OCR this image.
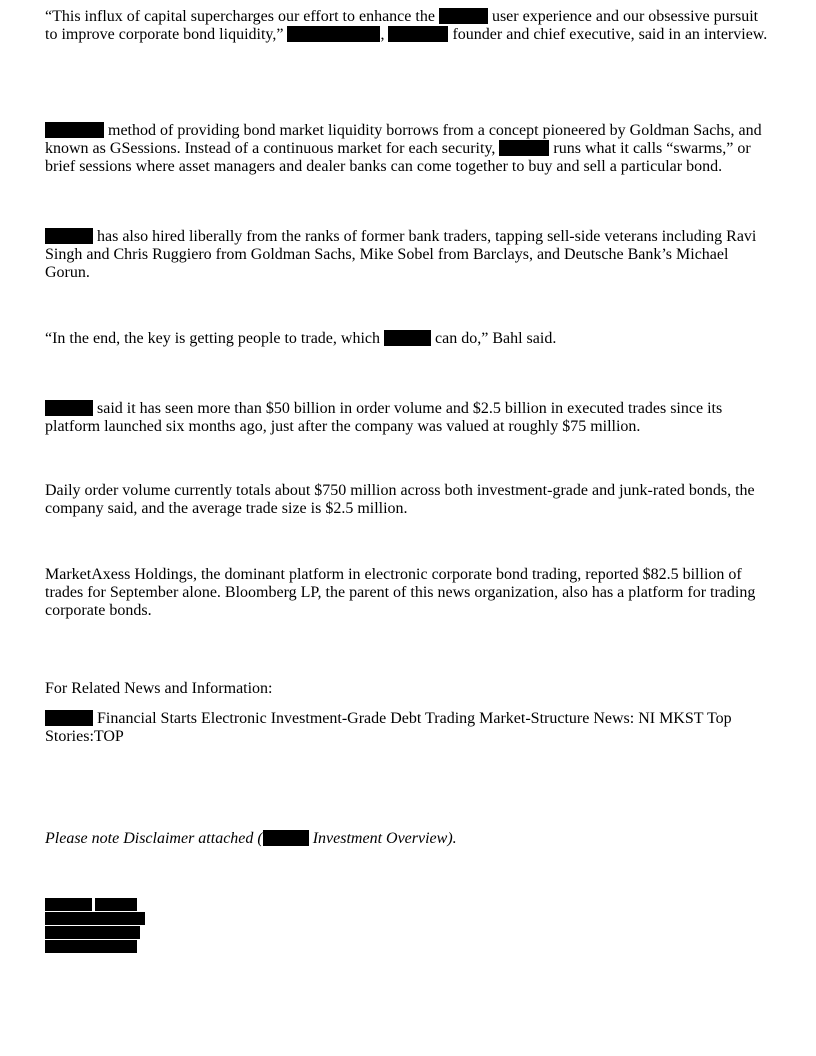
“This influx of capital supercharges our effort to enhance the	user experience and our obsessive pursuit
to improve corporate bond liquidity,”	,	founder and chief executive, said in an interview.
method of providing bond market liquidity borrows from a concept pioneered by Goldman Sachs, and
known as GSessions. Instead of a continuous market for each security,	runs what it calls “swarms,” or
brief sessions where asset managers and dealer banks can come together to buy and sell a particular bond.
has also hired liberally from the ranks of former bank traders, tapping sell-side veterans including Ravi
Singh and Chris Ruggiero from Goldman Sachs, Mike Sobel from Barclays, and Deutsche Bank’s Michael
Gorun.
“In the end, the key is getting people to trade, which	can do,” Bahl said.
said it has seen more than $50 billion in order volume and $2.5 billion in executed trades since its
platform launched six months ago, just after the company was valued at roughly $75 million.
Daily order volume currently totals about $750 million across both investment-grade and junk-rated bonds, the
company said, and the average trade size is $2.5 million.
MarketAxess Holdings, the dominant platform in electronic corporate bond trading, reported $82.5 billion of
trades for September alone. Bloomberg LP, the parent of this news organization, also has a platform for trading
corporate bonds.
For Related News and Information:
Financial Starts Electronic Investment-Grade Debt Trading Market-Structure News: NI MKST Top
Stories:TOP
Please note Disclaimer attached (	Investment Overview).
